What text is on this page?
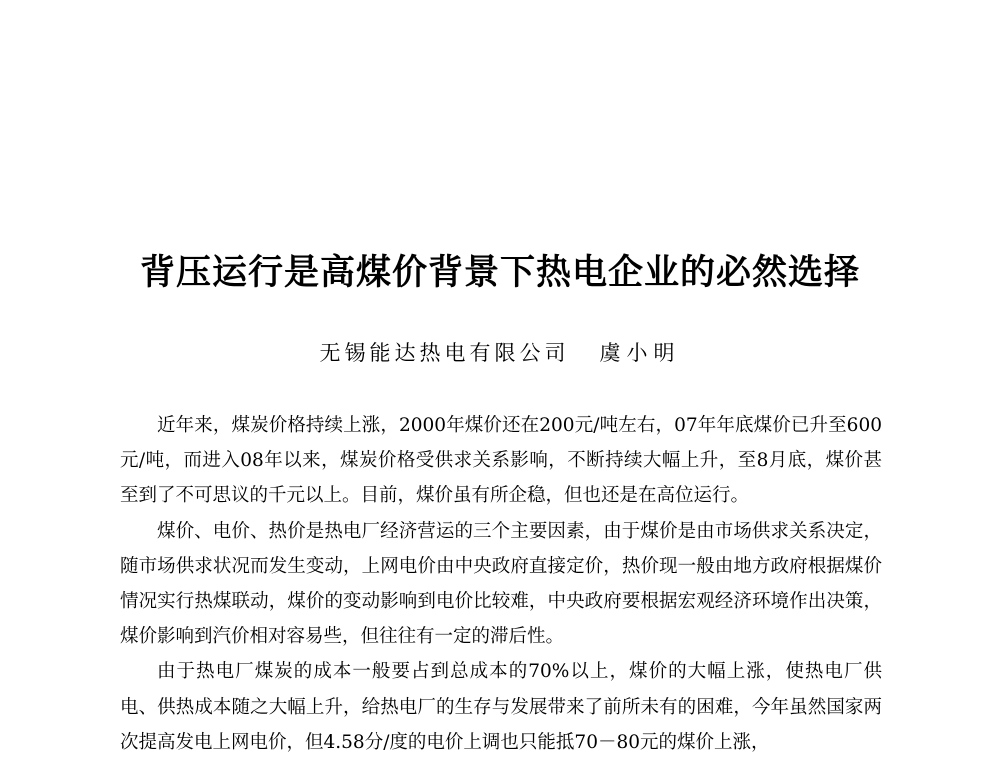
背压运行是高煤价背景下热电企业的必然选择
无锡能达热电有限公司 虞小明

近年来，煤炭价格持续上涨，2000年煤价还在200元/吨左右，07年年底煤价已升至600元/吨，而进入08年以来，煤炭价格受供求关系影响，不断持续大幅上升，至8月底，煤价甚至到了不可思议的千元以上。目前，煤价虽有所企稳，但也还是在高位运行。

煤价、电价、热价是热电厂经济营运的三个主要因素，由于煤价是由市场供求关系决定，随市场供求状况而发生变动，上网电价由中央政府直接定价，热价现一般由地方政府根据煤价情况实行热煤联动，煤价的变动影响到电价比较难，中央政府要根据宏观经济环境作出决策，煤价影响到汽价相对容易些，但往往有一定的滞后性。

由于热电厂煤炭的成本一般要占到总成本的70%以上，煤价的大幅上涨，使热电厂供电、供热成本随之大幅上升，给热电厂的生存与发展带来了前所未有的困难，今年虽然国家两次提高发电上网电价，但4.58分/度的电价上调也只能抵70－80元的煤价上涨，
